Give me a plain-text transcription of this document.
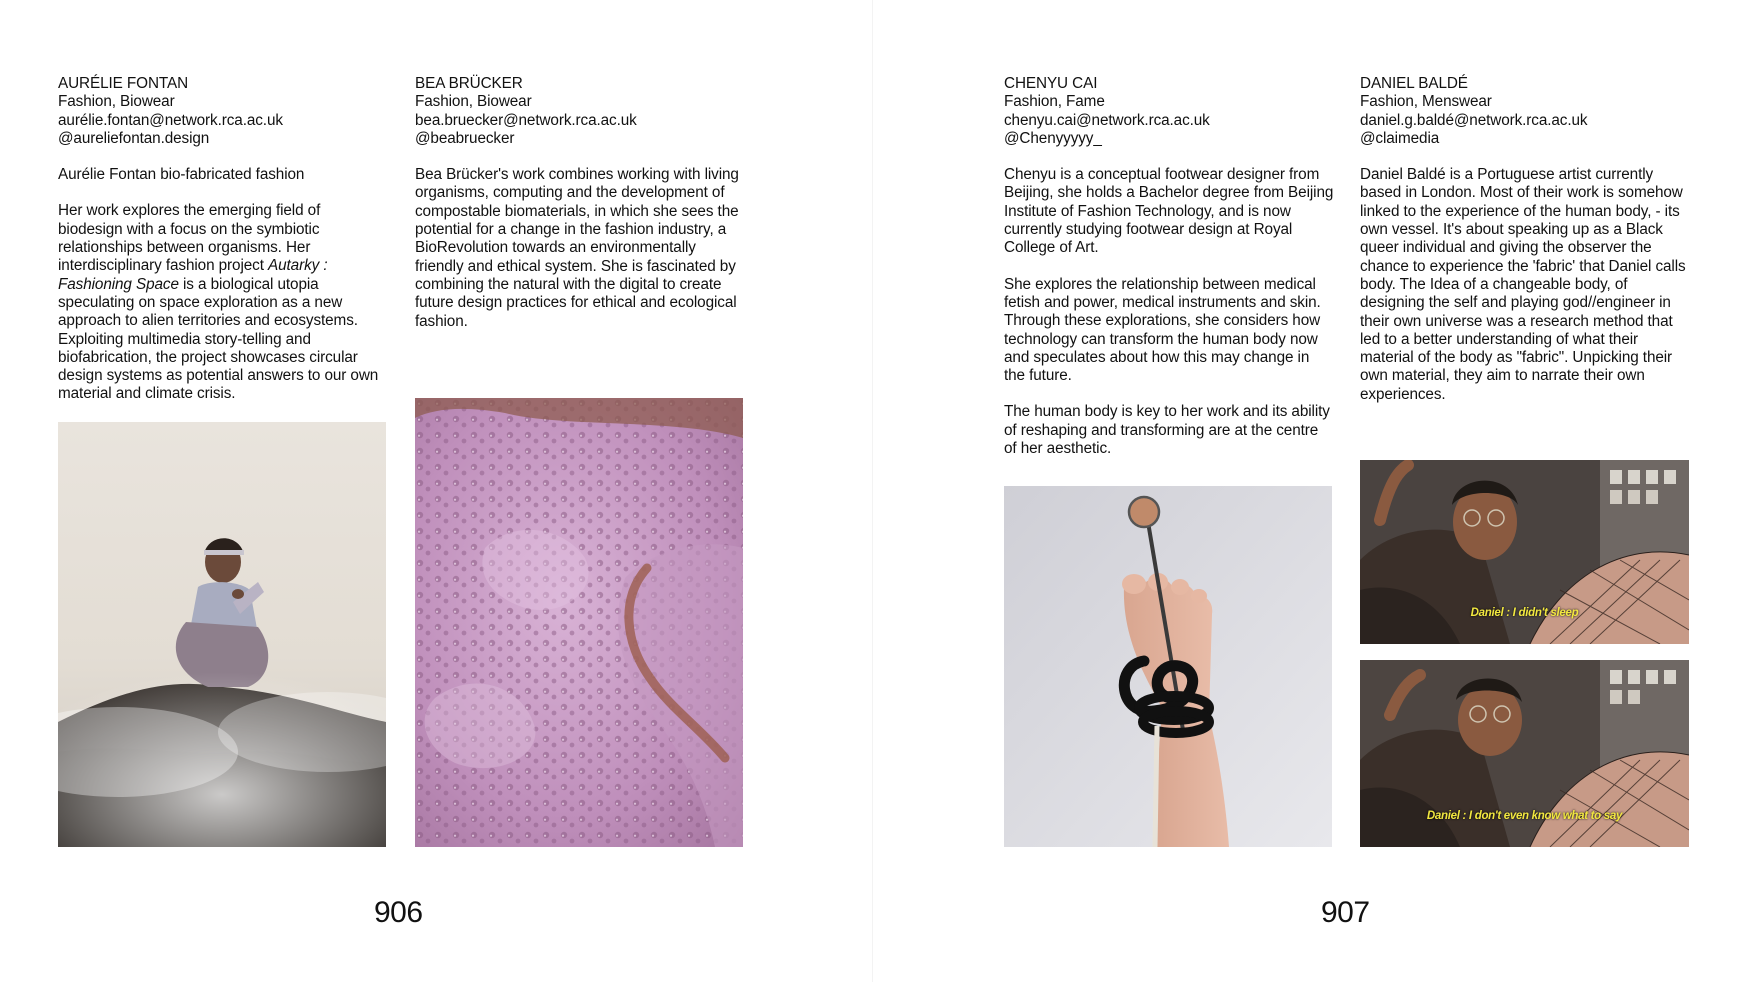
AURÉLIE FONTAN

Fashion, Biowear

aurélie.fontan@network.rca.ac.uk

@aureliefontan.design

Aurélie Fontan bio-fabricated fashion

Her work explores the emerging field of biodesign with a focus on the symbiotic relationships between organisms. Her interdisciplinary fashion project Autarky : Fashioning Space is a biological utopia speculating on space exploration as a new approach to alien territories and ecosystems. Exploiting multimedia story-telling and biofabrication, the project showcases circular design systems as potential answers to our own material and climate crisis.

BEA BRÜCKER

Fashion, Biowear

bea.bruecker@network.rca.ac.uk

@beabruecker

Bea Brücker's work combines working with living organisms, computing and the development of compostable biomaterials, in which she sees the potential for a change in the fashion industry, a BioRevolution towards an environmentally friendly and ethical system. She is fascinated by combining the natural with the digital to create future design practices for ethical and ecological fashion.

906

CHENYU CAI

Fashion, Fame

chenyu.cai@network.rca.ac.uk

@Chenyyyyy_

Chenyu is a conceptual footwear designer from Beijing, she holds a Bachelor degree from Beijing Institute of Fashion Technology, and is now currently studying footwear design at Royal College of Art.

She explores the relationship between medical fetish and power, medical instruments and skin. Through these explorations, she considers how technology can transform the human body now and speculates about how this may change in the future.

The human body is key to her work and its ability of reshaping and transforming are at the centre of her aesthetic.

DANIEL BALDÉ

Fashion, Menswear

daniel.g.baldé@network.rca.ac.uk

@claimedia

Daniel Baldé is a Portuguese artist currently based in London. Most of their work is somehow linked to the experience of the human body, - its own vessel. It's about speaking up as a Black queer individual and giving the observer the chance to experience the 'fabric' that Daniel calls body. The Idea of a changeable body, of designing the self and playing god//engineer in their own universe was a research method that led to a better understanding of what their material of the body as "fabric". Unpicking their own material, they aim to narrate their own experiences.

Daniel : I didn't sleep
Daniel : I don't even know what to say
907
